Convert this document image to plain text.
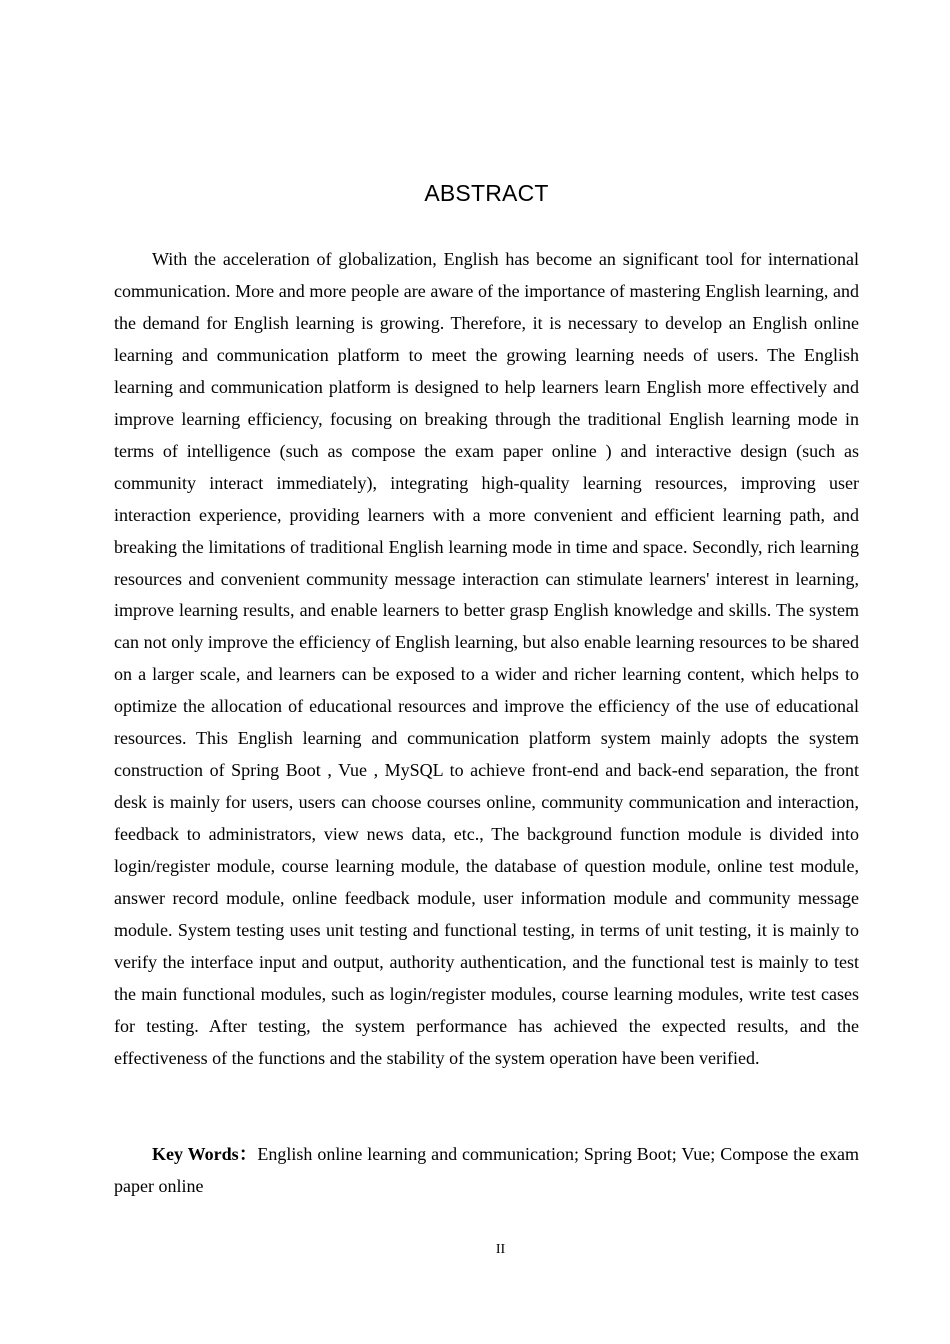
ABSTRACT

With the acceleration of globalization, English has become an significant tool for international communication. More and more people are aware of the importance of mastering English learning, and the demand for English learning is growing. Therefore, it is necessary to develop an English online learning and communication platform to meet the growing learning needs of users. The English learning and communication platform is designed to help learners learn English more effectively and improve learning efficiency, focusing on breaking through the traditional English learning mode in terms of intelligence (such as compose the exam paper online ) and interactive design (such as community interact immediately), integrating high-quality learning resources, improving user interaction experience, providing learners with a more convenient and efficient learning path, and breaking the limitations of traditional English learning mode in time and space. Secondly, rich learning resources and convenient community message interaction can stimulate learners' interest in learning, improve learning results, and enable learners to better grasp English knowledge and skills. The system can not only improve the efficiency of English learning, but also enable learning resources to be shared on a larger scale, and learners can be exposed to a wider and richer learning content, which helps to optimize the allocation of educational resources and improve the efficiency of the use of educational resources. This English learning and communication platform system mainly adopts the system construction of Spring Boot , Vue , MySQL to achieve front-end and back-end separation, the front desk is mainly for users, users can choose courses online, community communication and interaction, feedback to administrators, view news data, etc., The background function module is divided into login/register module, course learning module, the database of question module, online test module, answer record module, online feedback module, user information module and community message module. System testing uses unit testing and functional testing, in terms of unit testing, it is mainly to verify the interface input and output, authority authentication, and the functional test is mainly to test the main functional modules, such as login/register modules, course learning modules, write test cases for testing. After testing, the system performance has achieved the expected results, and the effectiveness of the functions and the stability of the system operation have been verified.

Key Words：English online learning and communication; Spring Boot; Vue; Compose the exam paper online

II
